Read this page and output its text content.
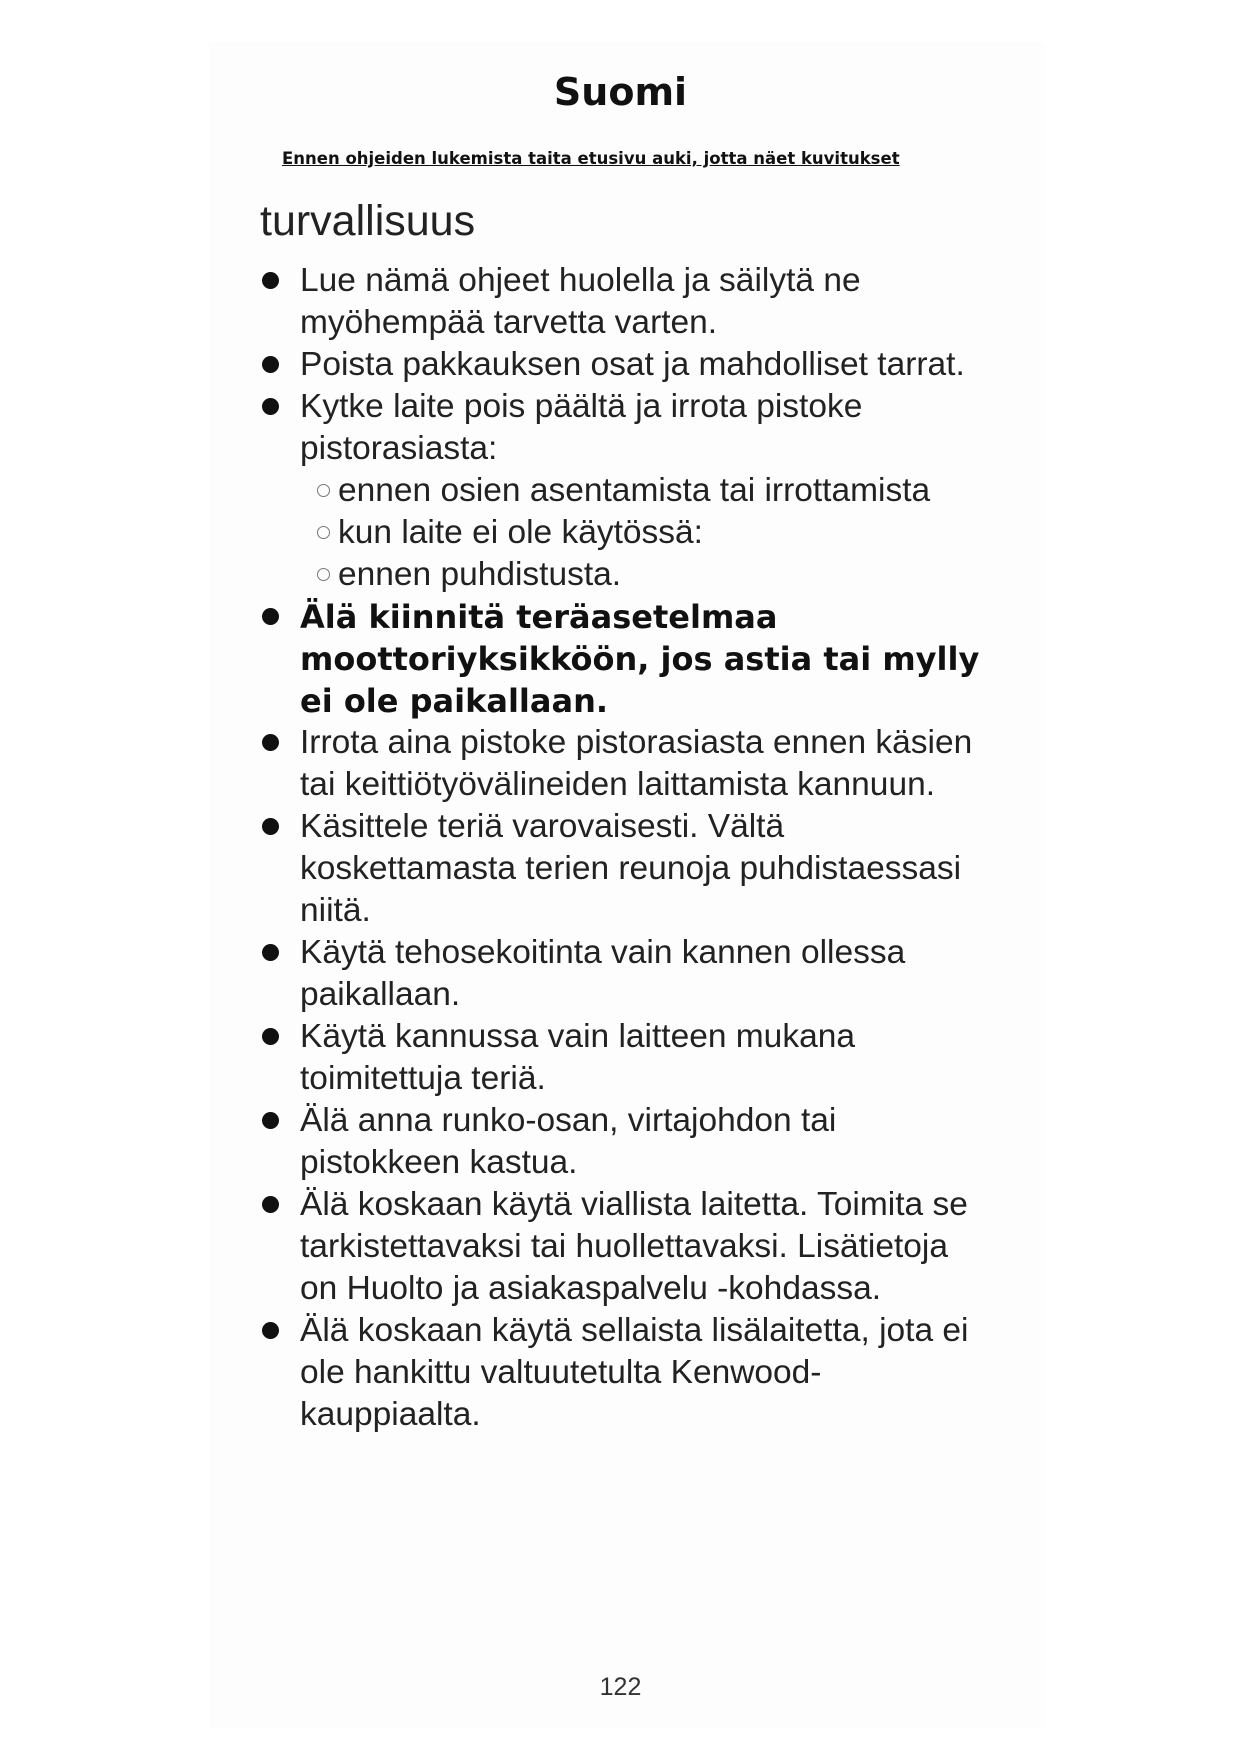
Suomi

Ennen ohjeiden lukemista taita etusivu auki, jotta näet kuvitukset

turvallisuus
Lue nämä ohjeet huolella ja säilytä ne myöhempää tarvetta varten.
Poista pakkauksen osat ja mahdolliset tarrat.
Kytke laite pois päältä ja irrota pistoke pistorasiasta:
ennen osien asentamista tai irrottamista
kun laite ei ole käytössä:
ennen puhdistusta.
Älä kiinnitä teräasetelmaa moottoriyksikköön, jos astia tai mylly ei ole paikallaan.
Irrota aina pistoke pistorasiasta ennen käsien tai keittiötyövälineiden laittamista kannuun.
Käsittele teriä varovaisesti. Vältä koskettamasta terien reunoja puhdistaessasi niitä.
Käytä tehosekoitinta vain kannen ollessa paikallaan.
Käytä kannussa vain laitteen mukana toimitettuja teriä.
Älä anna runko-osan, virtajohdon tai pistokkeen kastua.
Älä koskaan käytä viallista laitetta. Toimita se tarkistettavaksi tai huollettavaksi. Lisätietoja on Huolto ja asiakaspalvelu -kohdassa.
Älä koskaan käytä sellaista lisälaitetta, jota ei ole hankittu valtuutetulta Kenwood-kauppiaalta.

122
